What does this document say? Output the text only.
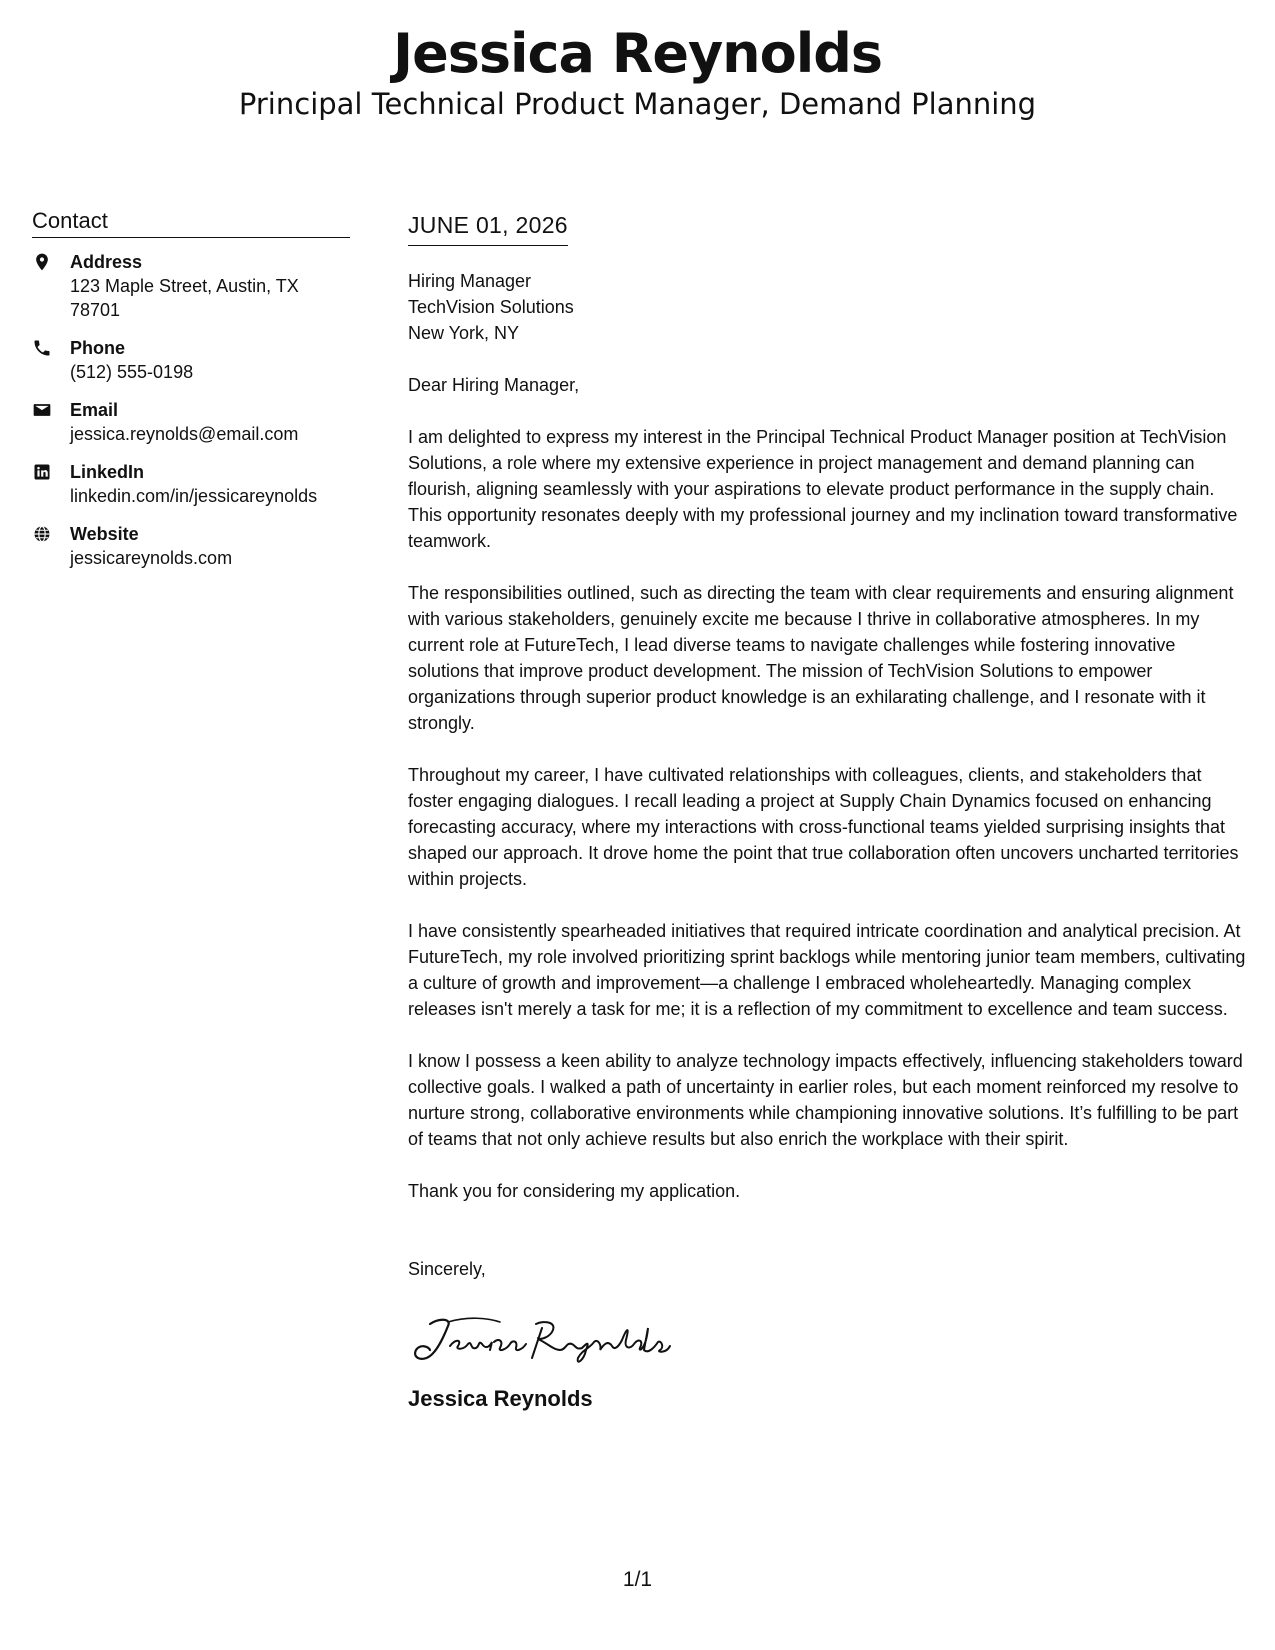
Jessica Reynolds
Principal Technical Product Manager, Demand Planning
Contact
Address
123 Maple Street, Austin, TX 78701
Phone
(512) 555-0198
Email
jessica.reynolds@email.com
LinkedIn
linkedin.com/in/jessicareynolds
Website
jessicareynolds.com
JUNE 01, 2026
Hiring Manager
TechVision Solutions
New York, NY

Dear Hiring Manager,

I am delighted to express my interest in the Principal Technical Product Manager position at TechVision Solutions, a role where my extensive experience in project management and demand planning can flourish, aligning seamlessly with your aspirations to elevate product performance in the supply chain. This opportunity resonates deeply with my professional journey and my inclination toward transformative teamwork.

The responsibilities outlined, such as directing the team with clear requirements and ensuring alignment with various stakeholders, genuinely excite me because I thrive in collaborative atmospheres. In my current role at FutureTech, I lead diverse teams to navigate challenges while fostering innovative solutions that improve product development. The mission of TechVision Solutions to empower organizations through superior product knowledge is an exhilarating challenge, and I resonate with it strongly.

Throughout my career, I have cultivated relationships with colleagues, clients, and stakeholders that foster engaging dialogues. I recall leading a project at Supply Chain Dynamics focused on enhancing forecasting accuracy, where my interactions with cross-functional teams yielded surprising insights that shaped our approach. It drove home the point that true collaboration often uncovers uncharted territories within projects.

I have consistently spearheaded initiatives that required intricate coordination and analytical precision. At FutureTech, my role involved prioritizing sprint backlogs while mentoring junior team members, cultivating a culture of growth and improvement—a challenge I embraced wholeheartedly. Managing complex releases isn't merely a task for me; it is a reflection of my commitment to excellence and team success.

I know I possess a keen ability to analyze technology impacts effectively, influencing stakeholders toward collective goals. I walked a path of uncertainty in earlier roles, but each moment reinforced my resolve to nurture strong, collaborative environments while championing innovative solutions. It’s fulfilling to be part of teams that not only achieve results but also enrich the workplace with their spirit.

Thank you for considering my application.

Sincerely,
Jessica Reynolds
1/1
